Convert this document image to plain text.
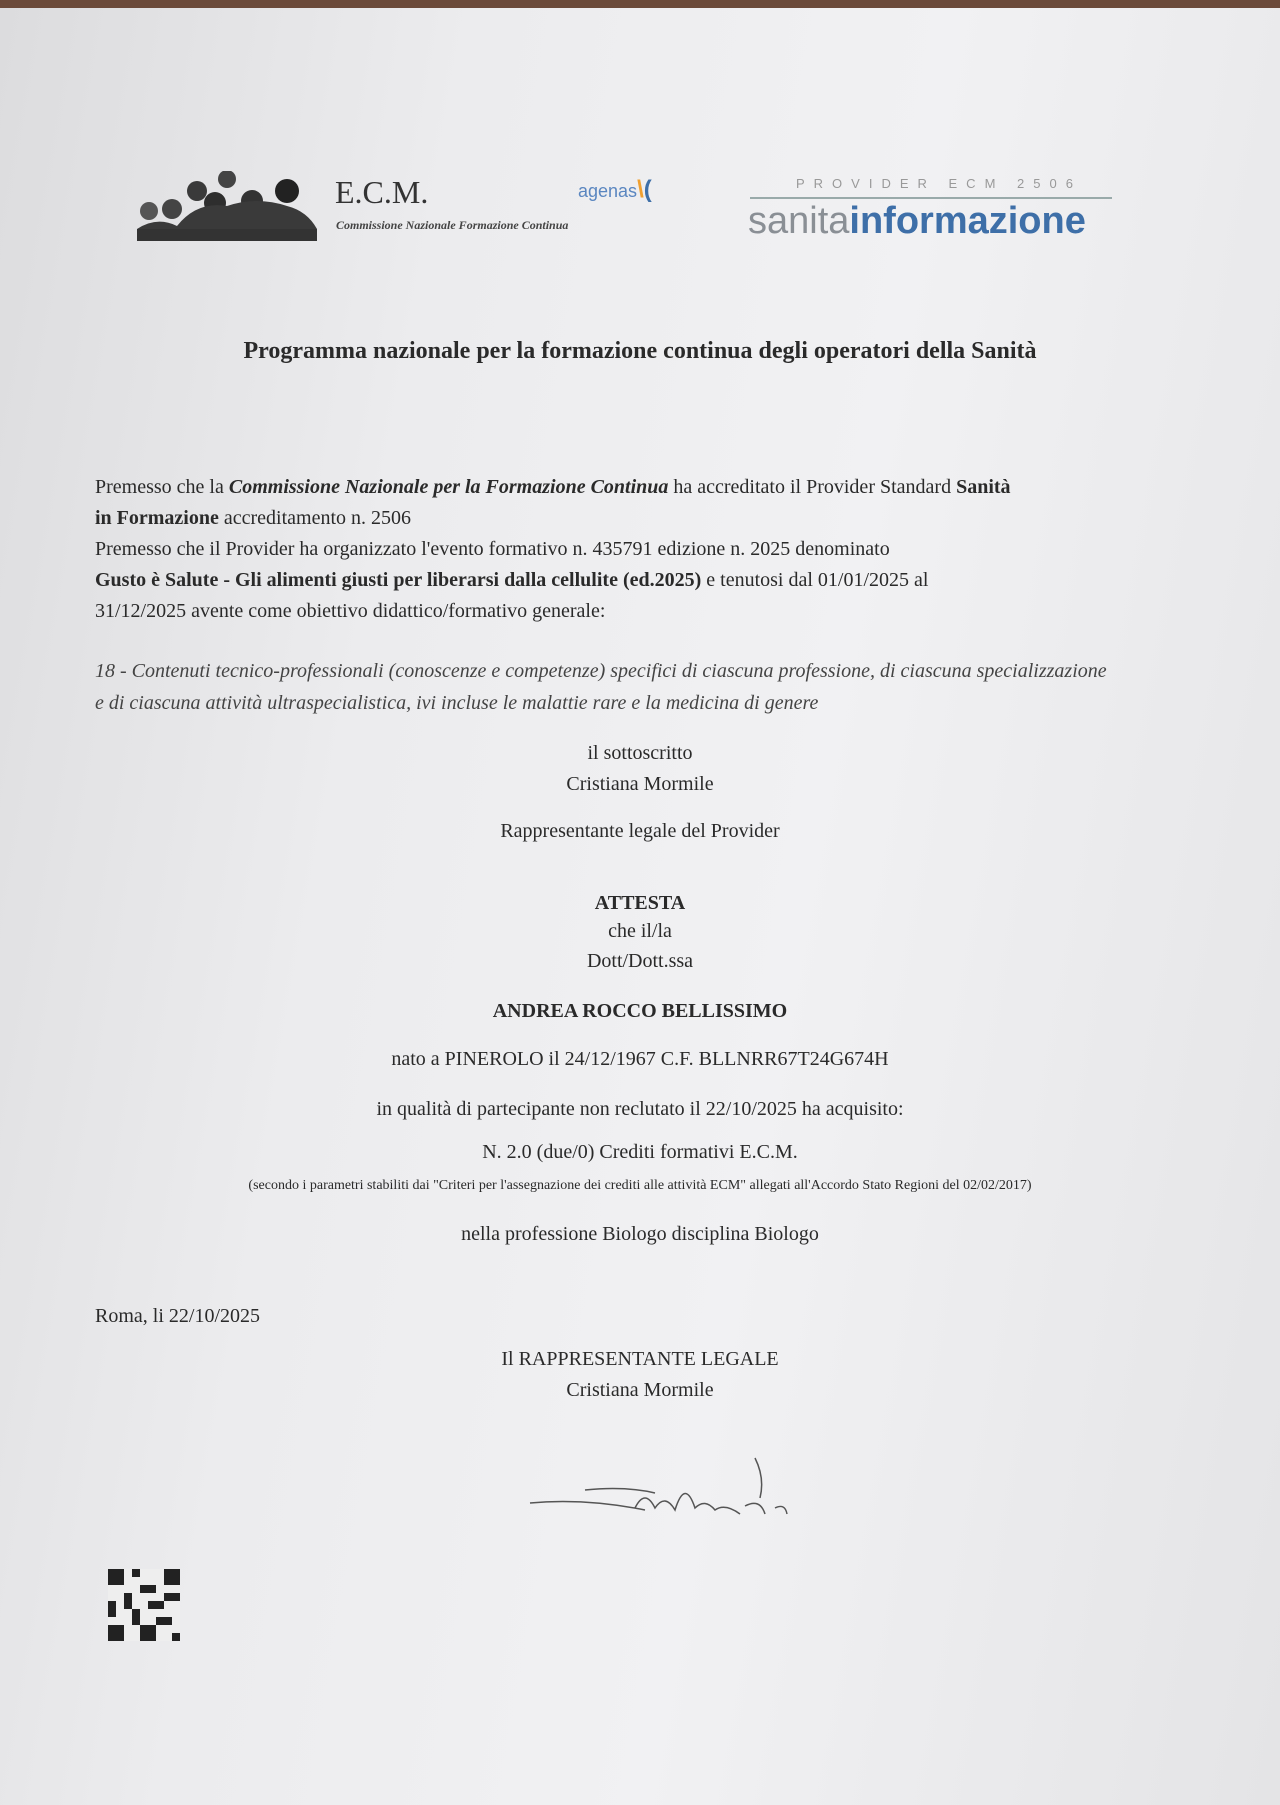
E.C.M.
Commissione Nazionale Formazione Continua
agenas\(	PROVIDER ECM 2506
sanitainformazione
Programma nazionale per la formazione continua degli operatori della Sanità
Premesso che la Commissione Nazionale per la Formazione Continua ha accreditato il Provider Standard Sanità
in Formazione accreditamento n. 2506
Premesso che il Provider ha organizzato l'evento formativo n. 435791 edizione n. 2025 denominato
Gusto è Salute - Gli alimenti giusti per liberarsi dalla cellulite (ed.2025) e tenutosi dal 01/01/2025 al
31/12/2025 avente come obiettivo didattico/formativo generale:
18 - Contenuti tecnico-professionali (conoscenze e competenze) specifici di ciascuna professione, di ciascuna specializzazione
e di ciascuna attività ultraspecialistica, ivi incluse le malattie rare e la medicina di genere
il sottoscritto
Cristiana Mormile
Rappresentante legale del Provider
ATTESTA
che il/la
Dott/Dott.ssa
ANDREA ROCCO BELLISSIMO
nato a PINEROLO il 24/12/1967 C.F. BLLNRR67T24G674H
in qualità di partecipante non reclutato il 22/10/2025 ha acquisito:
N. 2.0 (due/0) Crediti formativi E.C.M.
(secondo i parametri stabiliti dai "Criteri per l'assegnazione dei crediti alle attività ECM" allegati all'Accordo Stato Regioni del 02/02/2017)
nella professione Biologo disciplina Biologo
Roma, li 22/10/2025
Il RAPPRESENTANTE LEGALE
Cristiana Mormile
